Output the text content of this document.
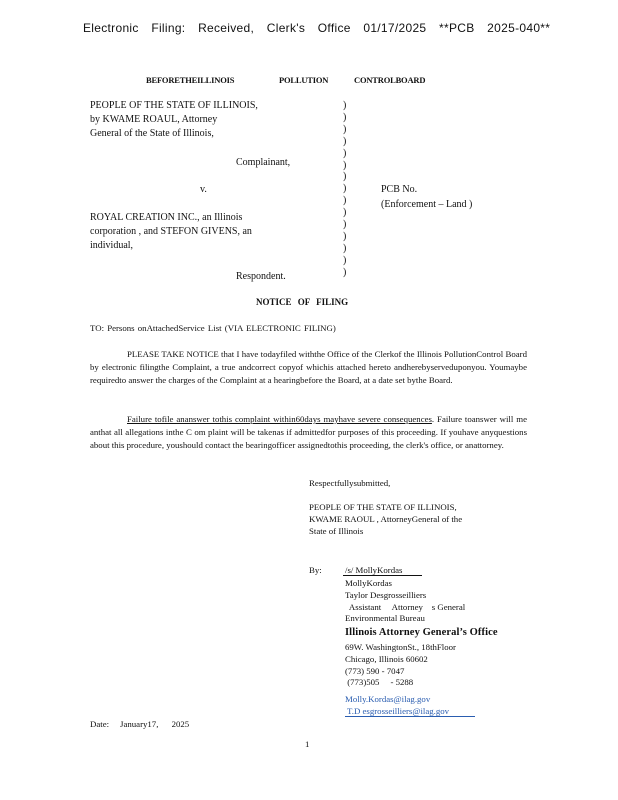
Electronic Filing: Received, Clerk's Office 01/17/2025 **PCB 2025-040**
BEFORETHEILLINOIS	POLLUTION	CONTROLBOARD
PEOPLE OF THE STATE OF ILLINOIS,
by KWAME ROAUL, Attorney
General of the State of Illinois,
Complainant,
v.
ROYAL CREATION INC., an Illinois
corporation , and STEFON GIVENS, an
individual,
Respondent.
)
)
)
)
)
)
)
)
)
)
)
)
)
)
)
PCB No.
(Enforcement – Land )
NOTICE OF FILING
TO: Persons onAttachedService List (VIA ELECTRONIC FILING)
PLEASE TAKE NOTICE that I have todayfiled withthe Office of the Clerkof the Illinois PollutionControl Board by electronic filingthe Complaint, a true andcorrect copyof whichis attached hereto andherebyserveduponyou. Youmaybe requiredto answer the charges of the Complaint at a hearingbefore the Board, at a date set bythe Board.
Failure tofile ananswer tothis complaint within60days mayhave severe consequences. Failure toanswer will me anthat all allegations inthe C om plaint will be takenas if admittedfor purposes of this proceeding. If youhave anyquestions about this procedure, youshould contact the bearingofficer assignedtothis proceeding, the clerk's office, or anattorney.
Respectfullysubmitted,
PEOPLE OF THE STATE OF ILLINOIS,
KWAME RAOUL , AttorneyGeneral of the
State of Illinois
By:	/s/ MollyKordas
MollyKordas
Taylor Desgrosseilliers
Assistant     Attorney    s General
Environmental Bureau
Illinois Attorney General’s Office
69W. WashingtonSt., 18thFloor
Chicago, Illinois 60602
(773) 590 - 7047
(773)505     - 5288
Molly.Kordas@ilag.gov
T.D esgrosseilliers@ilag.gov
Date:     January17,      2025
1
